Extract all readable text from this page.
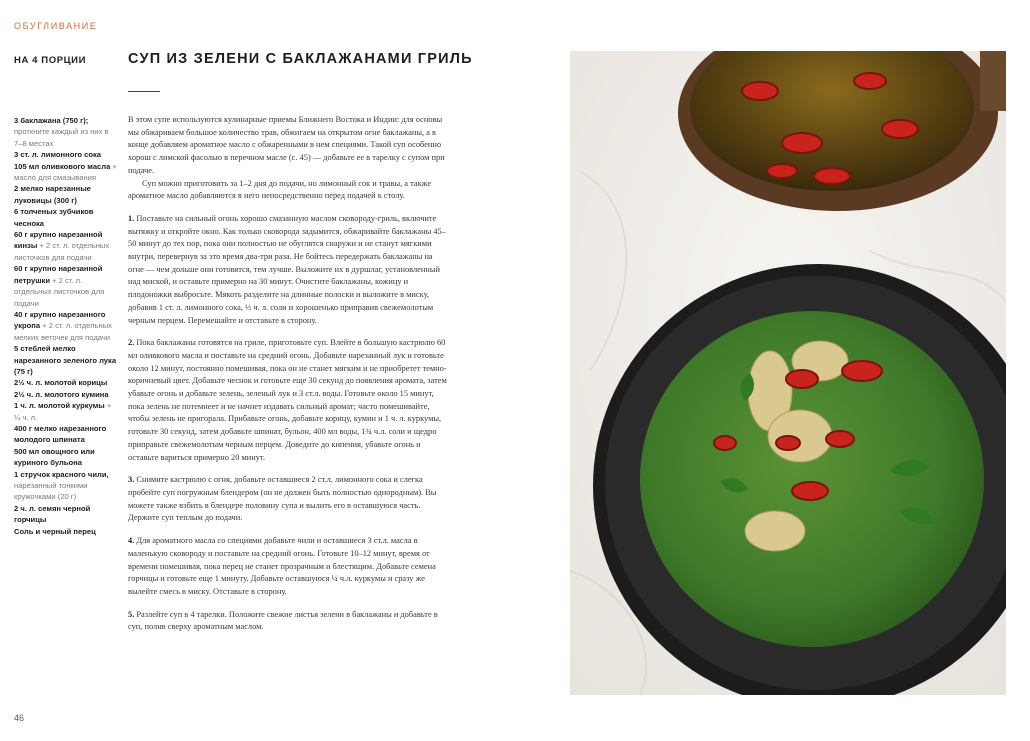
ОБУГЛИВАНИЕ
НА 4 ПОРЦИИ	СУП ИЗ ЗЕЛЕНИ С БАКЛАЖАНАМИ ГРИЛЬ

3 баклажана (750 г); проткните каждый из них в 7–8 местах

3 ст. л. лимонного сока

105 мл оливкового масла + масло для смазывания

2 мелко нарезанные луковицы (300 г)

6 толченых зубчиков чеснока

60 г крупно нарезанной кинзы + 2 ст. л. отдельных листочков для подачи

60 г крупно нарезанной петрушки + 2 ст. л. отдельных листочков для подачи

40 г крупно нарезанного укропа + 2 ст. л. отдельных мелких веточек для подачи

5 стеблей мелко нарезанного зеленого лука (75 г)

2½ ч. л. молотой корицы

2½ ч. л. молотого кумина

1 ч. л. молотой куркумы + ¼ ч. л.

400 г мелко нарезанного молодого шпината

500 мл овощного или куриного бульона

1 стручок красного чили, нарезанный тонкими кружочками (20 г)

2 ч. л. семян черной горчицы

Соль и черный перец

В этом супе используются кулинарные приемы Ближнего Востока и Индии: для основы мы обжариваем большое количество трав, обжигаем на открытом огне баклажаны, а в конце добавляем ароматное масло с обжаренными в нем специями. Такой суп особенно хорош с лимской фасолью в перечном масле (с. 45) — добавьте ее в тарелку с супом при подаче.

Суп можно приготовить за 1–2 дня до подачи, но лимонный сок и травы, а также ароматное масло добавляются в него непосредственно перед подачей к столу.

1. Поставьте на сильный огонь хорошо смазанную маслом сковороду-гриль, включите вытяжку и откройте окно. Как только сковорода задымится, обжаривайте баклажаны 45–50 минут до тех пор, пока они полностью не обуглятся снаружи и не станут мягкими внутри, перевернув за это время два-три раза. Не бойтесь передержать баклажаны на огне — чем дольше они готовятся, тем лучше. Выложите их в дуршлаг, установленный над миской, и оставьте примерно на 30 минут. Очистите баклажаны, кожицу и плодоножки выбросьте. Мякоть разделите на длинные полоски и выложите в миску, добавив 1 ст. л. лимонного сока, ⅓ ч. л. соли и хорошенько приправив свежемолотым черным перцем. Перемешайте и отставьте в сторону.

2. Пока баклажаны готовятся на гриле, приготовьте суп. Влейте в большую кастрюлю 60 мл оливкового масла и поставьте на средний огонь. Добавьте нарезанный лук и готовьте около 12 минут, постоянно помешивая, пока он не станет мягким и не приобретет темно-коричневый цвет. Добавьте чеснок и готовьте еще 30 секунд до появления аромата, затем убавьте огонь и добавьте зелень, зеленый лук и 3 ст.л. воды. Готовьте около 15 минут, пока зелень не потемнеет и не начнет издавать сильный аромат; часто помешивайте, чтобы зелень не пригорала. Прибавьте огонь, добавьте корицу, кумин и 1 ч. л. куркумы, готовьте 30 секунд, затем добавьте шпинат, бульон, 400 мл воды, 1¾ ч.л. соли и щедро приправьте свежемолотым черным перцем. Доведите до кипения, убавьте огонь и оставьте вариться примерно 20 минут.

3. Снимите кастрюлю с огня, добавьте оставшиеся 2 ст.л. лимонного сока и слегка пробейте суп погружным блендером (он не должен быть полностью однородным). Вы можете также взбить в блендере половину супа и вылить его в оставшуюся часть. Держите суп теплым до подачи.

4. Для ароматного масла со специями добавьте чили и оставшиеся 3 ст.л. масла в маленькую сковороду и поставьте на средний огонь. Готовьте 10–12 минут, время от времени помешивая, пока перец не станет прозрачным и блестящим. Добавьте семена горчицы и готовьте еще 1 минуту. Добавьте оставшуюся ¼ ч.л. куркумы и сразу же вылейте смесь в миску. Отставьте в сторону.

5. Разлейте суп в 4 тарелки. Положите свежие листья зелени в баклажаны и добавьте в суп, полив сверху ароматным маслом.

46
